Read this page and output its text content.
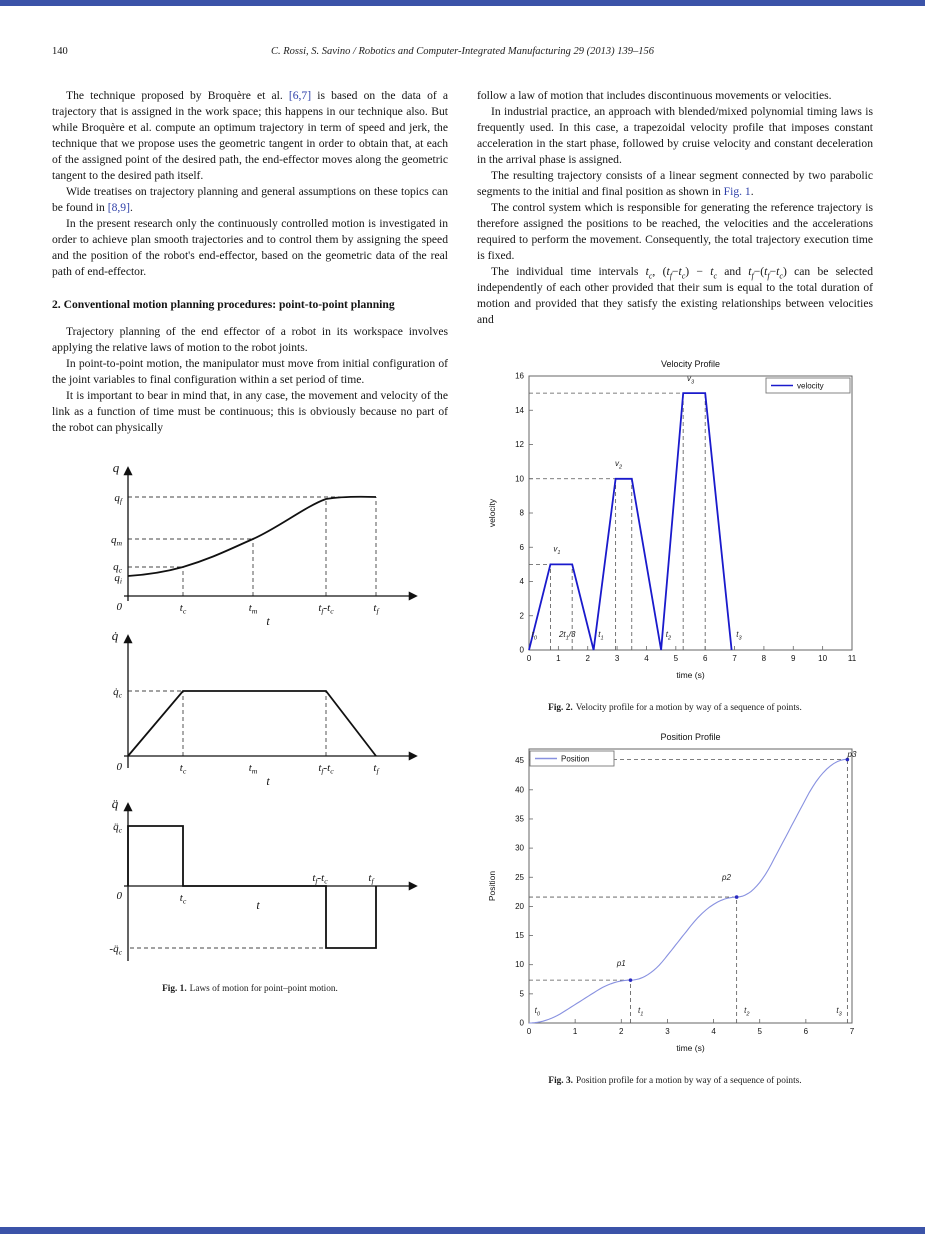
140	C. Rossi, S. Savino / Robotics and Computer-Integrated Manufacturing 29 (2013) 139–156

The technique proposed by Broquère et al. [6,7] is based on the data of a trajectory that is assigned in the work space; this happens in our technique also. But while Broquère et al. compute an optimum trajectory in term of speed and jerk, the technique that we propose uses the geometric tangent in order to obtain that, at each of the assigned point of the desired path, the end-effector moves along the geometric tangent to the desired path itself.

Wide treatises on trajectory planning and general assumptions on these topics can be found in [8,9].

In the present research only the continuously controlled motion is investigated in order to achieve plan smooth trajectories and to control them by assigning the speed and the position of the robot's end-effector, based on the geometric data of the real path of end-effector.

2. Conventional motion planning procedures: point-to-point planning

Trajectory planning of the end effector of a robot in its workspace involves applying the relative laws of motion to the robot joints.

In point-to-point motion, the manipulator must move from initial configuration of the joint variables to final configuration within a set period of time.

It is important to bear in mind that, in any case, the movement and velocity of the link as a function of time must be continuous; this is obviously because no part of the robot can physically

q
$q_f$
$q_m$
$q_c$
$q_i$
0	$t_c$	$t_m$	$t_f-t_c$	$t_f$
t
q̇
$q̇_c$
0	$t_c$	$t_m$	$t_f-t_c$	$t_f$
t
q̈
$q̈_c$
0
$-q̈_c$
$t_c$
$t_f-t_c$	$t_f$
t
Fig. 1. Laws of motion for point–point motion.

follow a law of motion that includes discontinuous movements or velocities.

In industrial practice, an approach with blended/mixed polynomial timing laws is frequently used. In this case, a trapezoidal velocity profile that imposes constant acceleration in the start phase, followed by cruise velocity and constant deceleration in the arrival phase is assigned.

The resulting trajectory consists of a linear segment connected by two parabolic segments to the initial and final position as shown in Fig. 1.

The control system which is responsible for generating the reference trajectory is therefore assigned the positions to be reached, the velocities and the accelerations required to perform the movement. Consequently, the total trajectory execution time is fixed.

The individual time intervals $t_c$, $(t_f-t_c) - t_c$ and $t_f-(t_f-t_c)$ can be selected independently of each other provided that their sum is equal to the total duration of motion and provided that they satisfy the existing relationships between velocities and

0	1	2	3	4	5	6	7	8	9	10	11
0
2
4
6
8
10
12
14
16
Velocity Profile
time (s)
velocity
$v_1$
$v_2$
$v_3$
$t_0$	$2t_1/3$	$t_1$	$t_2$	$t_3$
velocity
Fig. 2. Velocity profile for a motion by way of a sequence of points.
0	1	2	3	4	5	6	7
0
5
10
15
20
25
30
35
40
45
Position Profile
time (s)
Position
$t_0$	$t_1$	$t_2$	$t_3$
p1
p2
p3
Position
Fig. 3. Position profile for a motion by way of a sequence of points.
